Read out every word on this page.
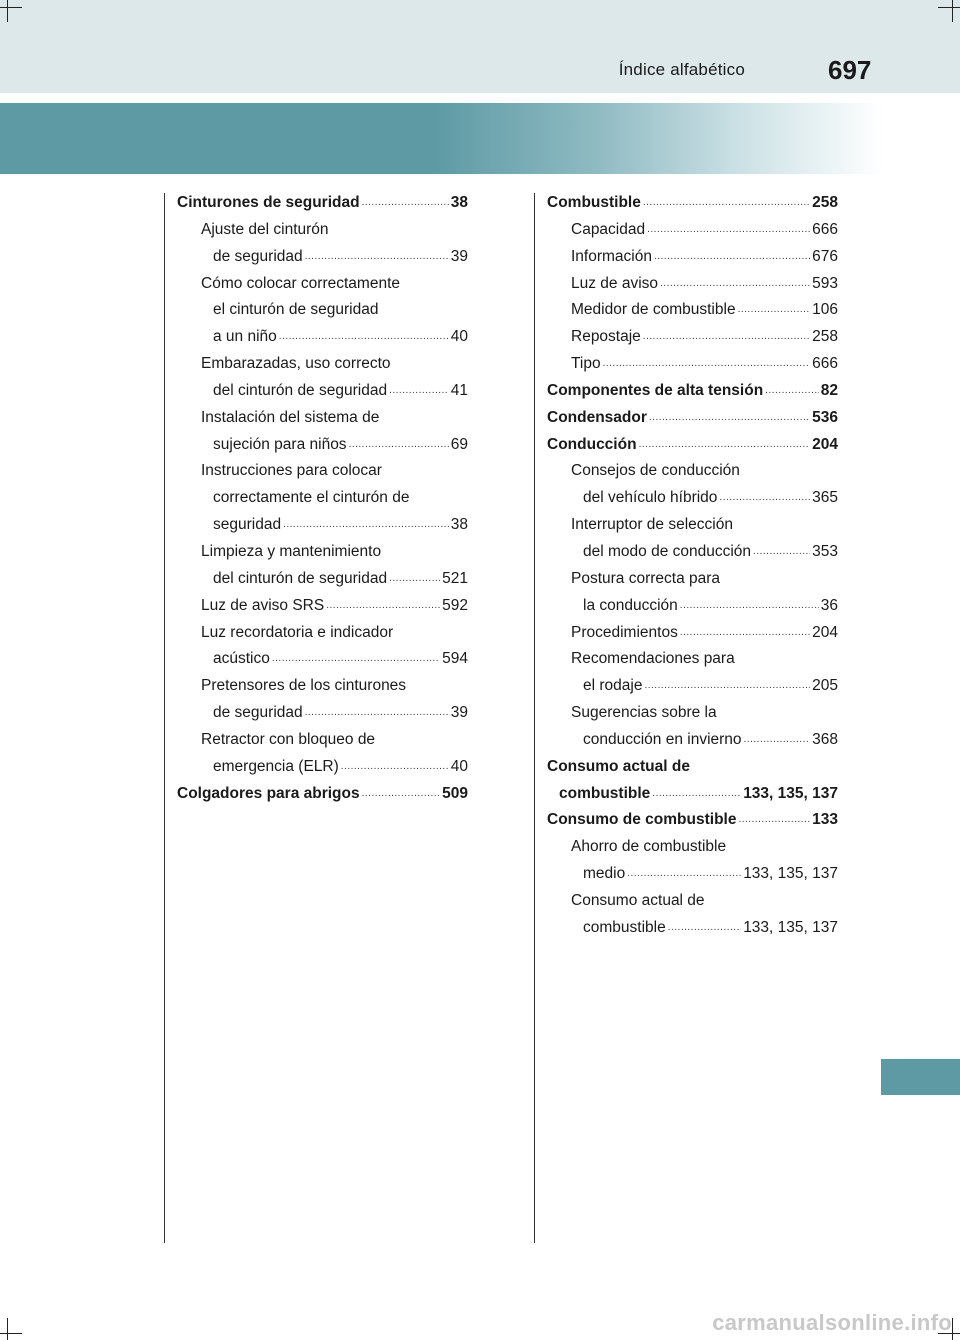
Índice alfabético	697
Cinturones de seguridad .....	38
Ajuste del cinturón
de seguridad .....	39
Cómo colocar correctamente
el cinturón de seguridad
a un niño .....	40
Embarazadas, uso correcto
del cinturón de seguridad .....	41
Instalación del sistema de
sujeción para niños .....	69
Instrucciones para colocar
correctamente el cinturón de
seguridad .....	38
Limpieza y mantenimiento
del cinturón de seguridad .....	521
Luz de aviso SRS .....	592
Luz recordatoria e indicador
acústico .....	594
Pretensores de los cinturones
de seguridad .....	39
Retractor con bloqueo de
emergencia (ELR) .....	40
Colgadores para abrigos .....	509
Combustible .....	258
Capacidad .....	666
Información .....	676
Luz de aviso .....	593
Medidor de combustible .....	106
Repostaje .....	258
Tipo .....	666
Componentes de alta tensión .....	82
Condensador .....	536
Conducción .....	204
Consejos de conducción
del vehículo híbrido .....	365
Interruptor de selección
del modo de conducción .....	353
Postura correcta para
la conducción .....	36
Procedimientos .....	204
Recomendaciones para
el rodaje .....	205
Sugerencias sobre la
conducción en invierno .....	368
Consumo actual de
combustible .....	133, 135, 137
Consumo de combustible .....	133
Ahorro de combustible
medio .....	133, 135, 137
Consumo actual de
combustible .....	133, 135, 137
carmanualsonline.info
